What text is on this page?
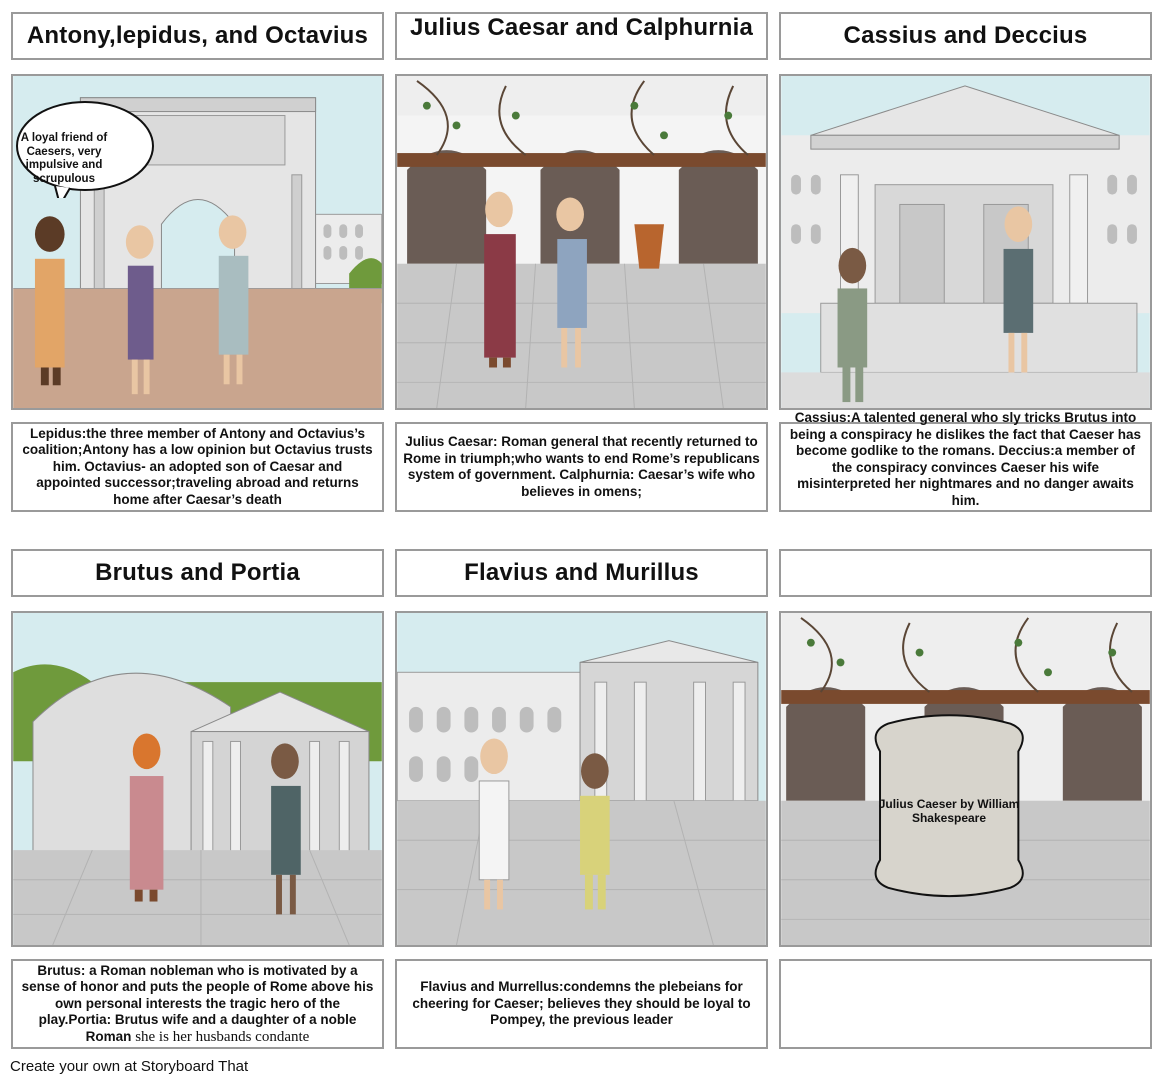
Antony,lepidus, and Octavius Julius Caesar and Calphurnia	Cassius and Deccius
A loyal friend of Caesers, very impulsive and scrupulous

Lepidus:the three member of Antony and Octavius’s coalition;Antony has a low opinion but Octavius trusts him. Octavius- an adopted son of Caesar and appointed successor;traveling abroad and returns home after Caesar’s death

Julius Caesar: Roman general that recently returned to Rome in triumph;who wants to end Rome’s republicans system of government. Calphurnia: Caesar’s wife who believes in omens;

Cassius:A talented general who sly tricks Brutus into being a conspiracy he dislikes the fact that Caeser has become godlike to the romans. Deccius:a member of the conspiracy convinces Caeser his wife misinterpreted her nightmares and no danger awaits him.

Brutus and Portia	Flavius and Murillus
Julius Caeser by William Shakespeare

Brutus: a Roman nobleman who is motivated by a sense of honor and puts the people of Rome above his own personal interests the tragic hero of the play.Portia: Brutus wife and a daughter of a noble Roman she is her husbands condante

Flavius and Murrellus:condemns the plebeians for cheering for Caeser; believes they should be loyal to Pompey, the previous leader

Create your own at Storyboard That
